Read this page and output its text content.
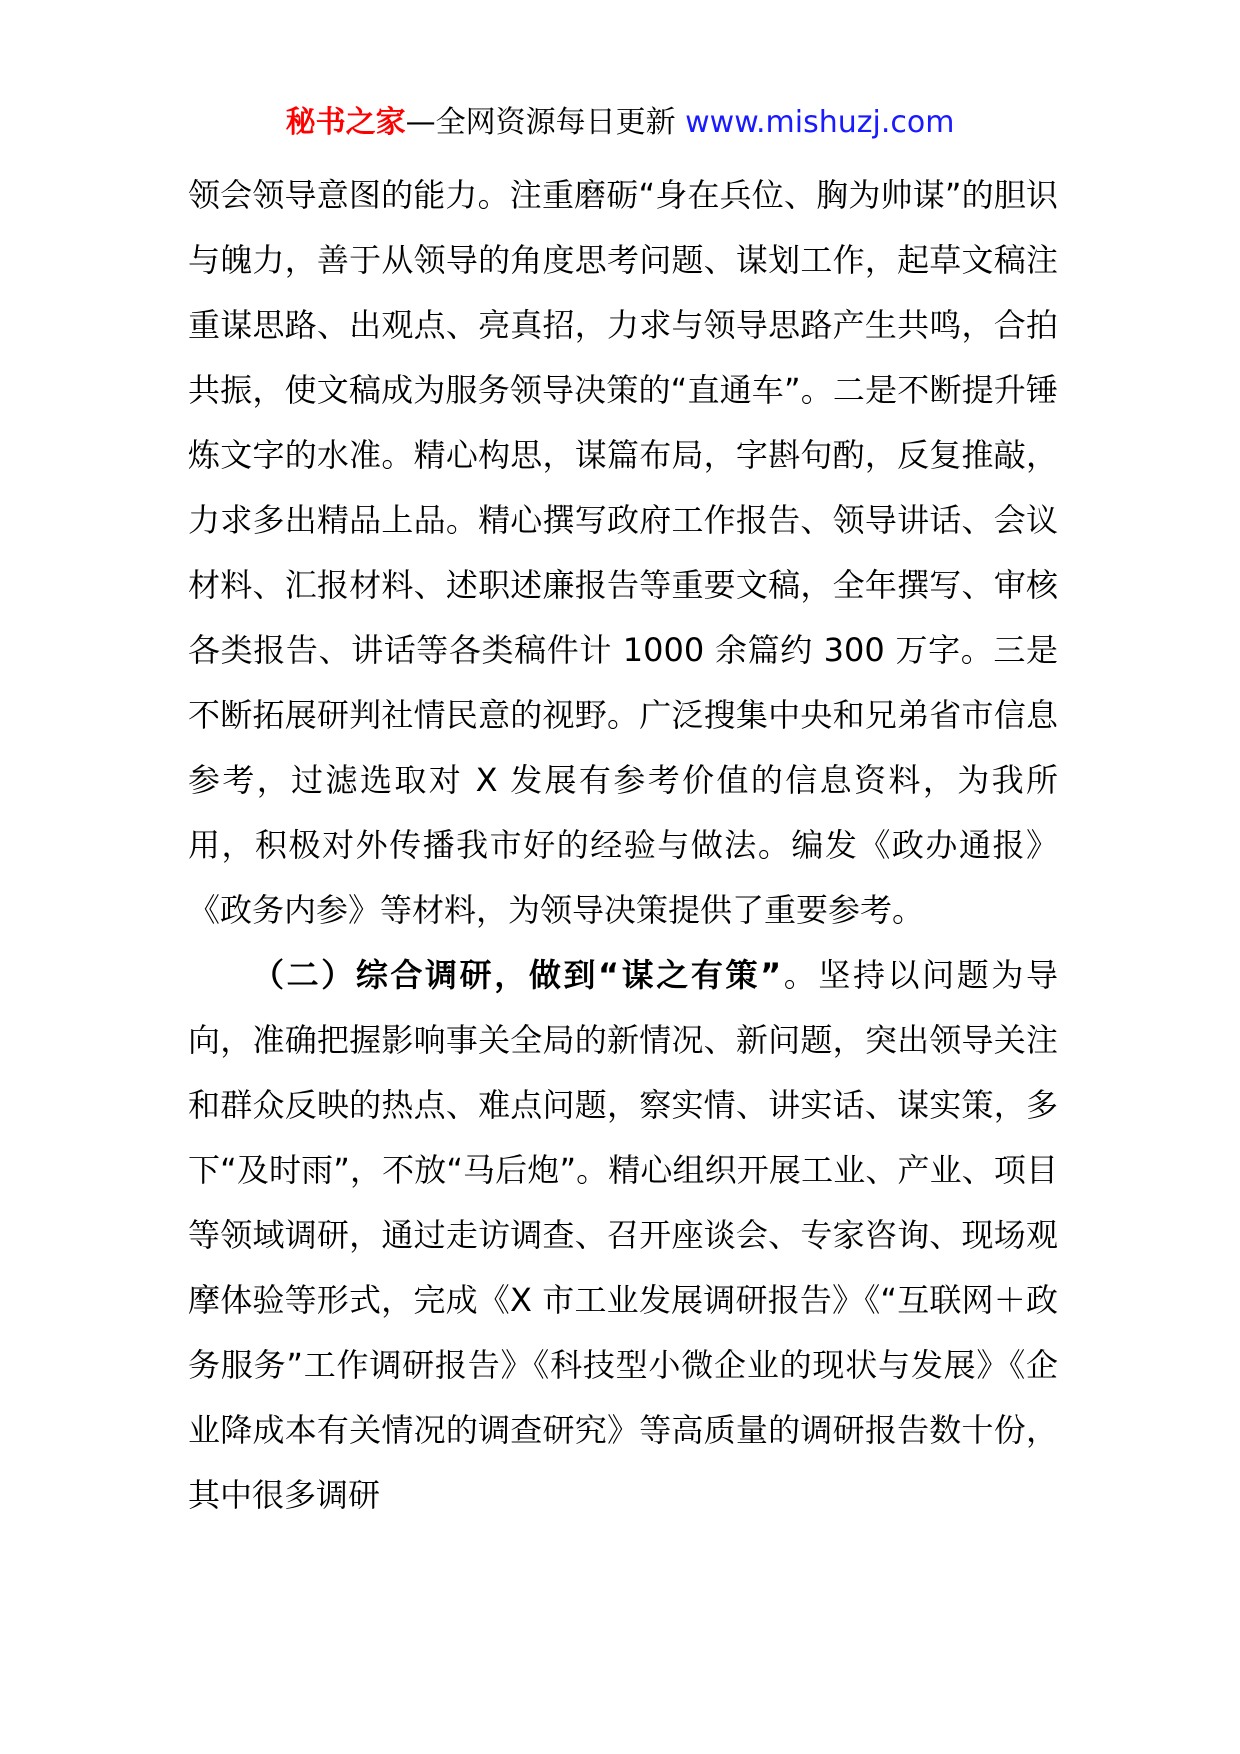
秘书之家—全网资源每日更新 www.mishuzj.com

领会领导意图的能力。注重磨砺“身在兵位、胸为帅谋”的胆识与魄力，善于从领导的角度思考问题、谋划工作，起草文稿注重谋思路、出观点、亮真招，力求与领导思路产生共鸣，合拍共振，使文稿成为服务领导决策的“直通车”。二是不断提升锤炼文字的水准。精心构思，谋篇布局，字斟句酌，反复推敲，力求多出精品上品。精心撰写政府工作报告、领导讲话、会议材料、汇报材料、述职述廉报告等重要文稿，全年撰写、审核各类报告、讲话等各类稿件计 1000 余篇约 300 万字。三是不断拓展研判社情民意的视野。广泛搜集中央和兄弟省市信息参考，过滤选取对 X 发展有参考价值的信息资料，为我所用，积极对外传播我市好的经验与做法。编发《政办通报》《政务内参》等材料，为领导决策提供了重要参考。

（二）综合调研，做到“谋之有策”。坚持以问题为导向，准确把握影响事关全局的新情况、新问题，突出领导关注和群众反映的热点、难点问题，察实情、讲实话、谋实策，多下“及时雨”，不放“马后炮”。精心组织开展工业、产业、项目等领域调研，通过走访调查、召开座谈会、专家咨询、现场观摩体验等形式，完成《X 市工业发展调研报告》《“互联网＋政务服务”工作调研报告》《科技型小微企业的现状与发展》《企业降成本有关情况的调查研究》等高质量的调研报告数十份，其中很多调研
